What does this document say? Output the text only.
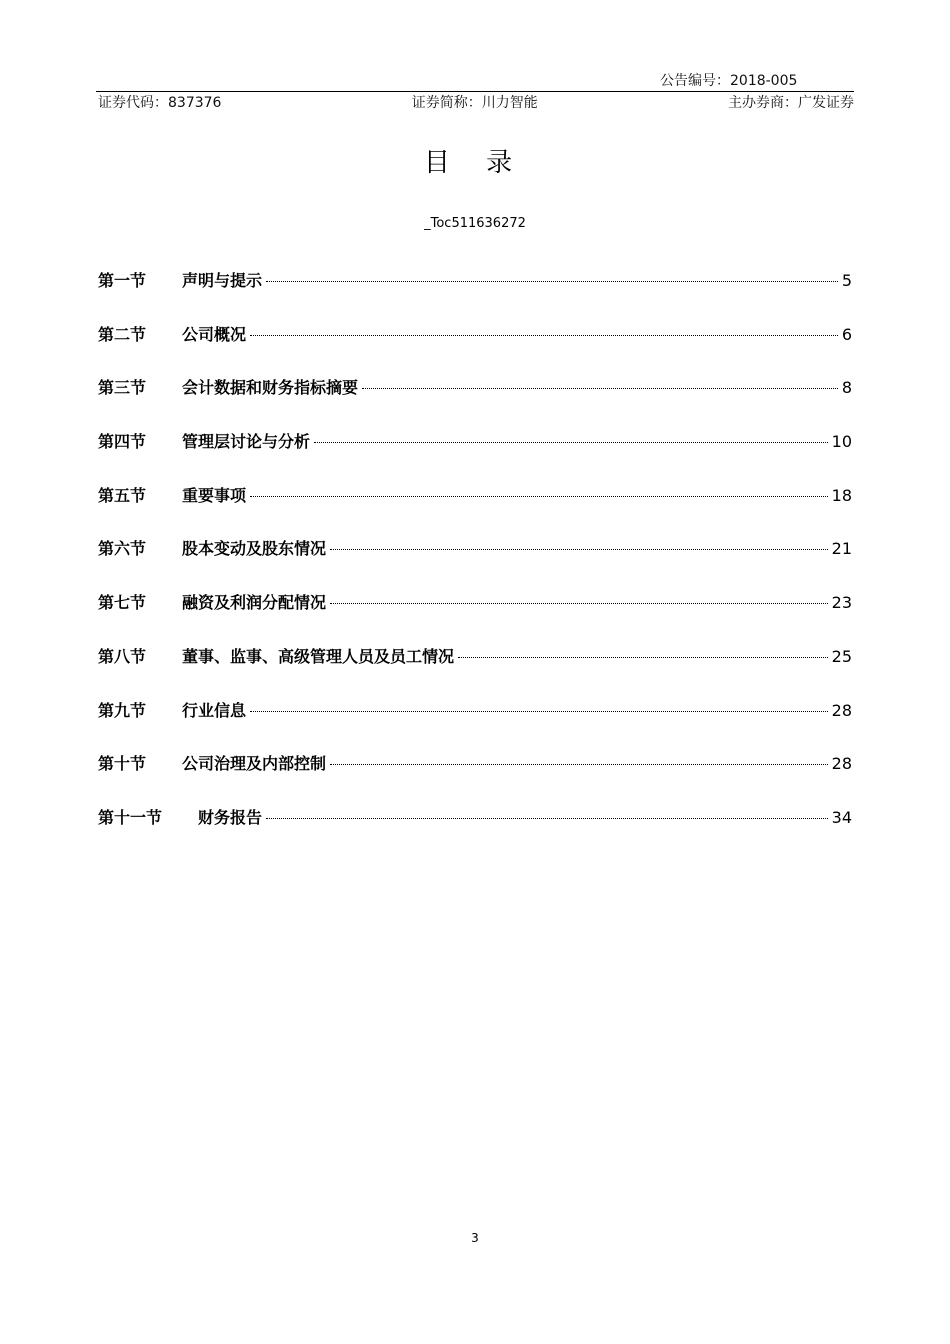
公告编号：2018-005
证券代码：837376	证券简称：川力智能	主办券商：广发证券
目 录
_Toc511636272
第一节	声明与提示	5
第二节	公司概况	6
第三节	会计数据和财务指标摘要	8
第四节	管理层讨论与分析	10
第五节	重要事项	18
第六节	股本变动及股东情况	21
第七节	融资及利润分配情况	23
第八节	董事、监事、高级管理人员及员工情况	25
第九节	行业信息	28
第十节	公司治理及内部控制	28
第十一节	财务报告	34
3
